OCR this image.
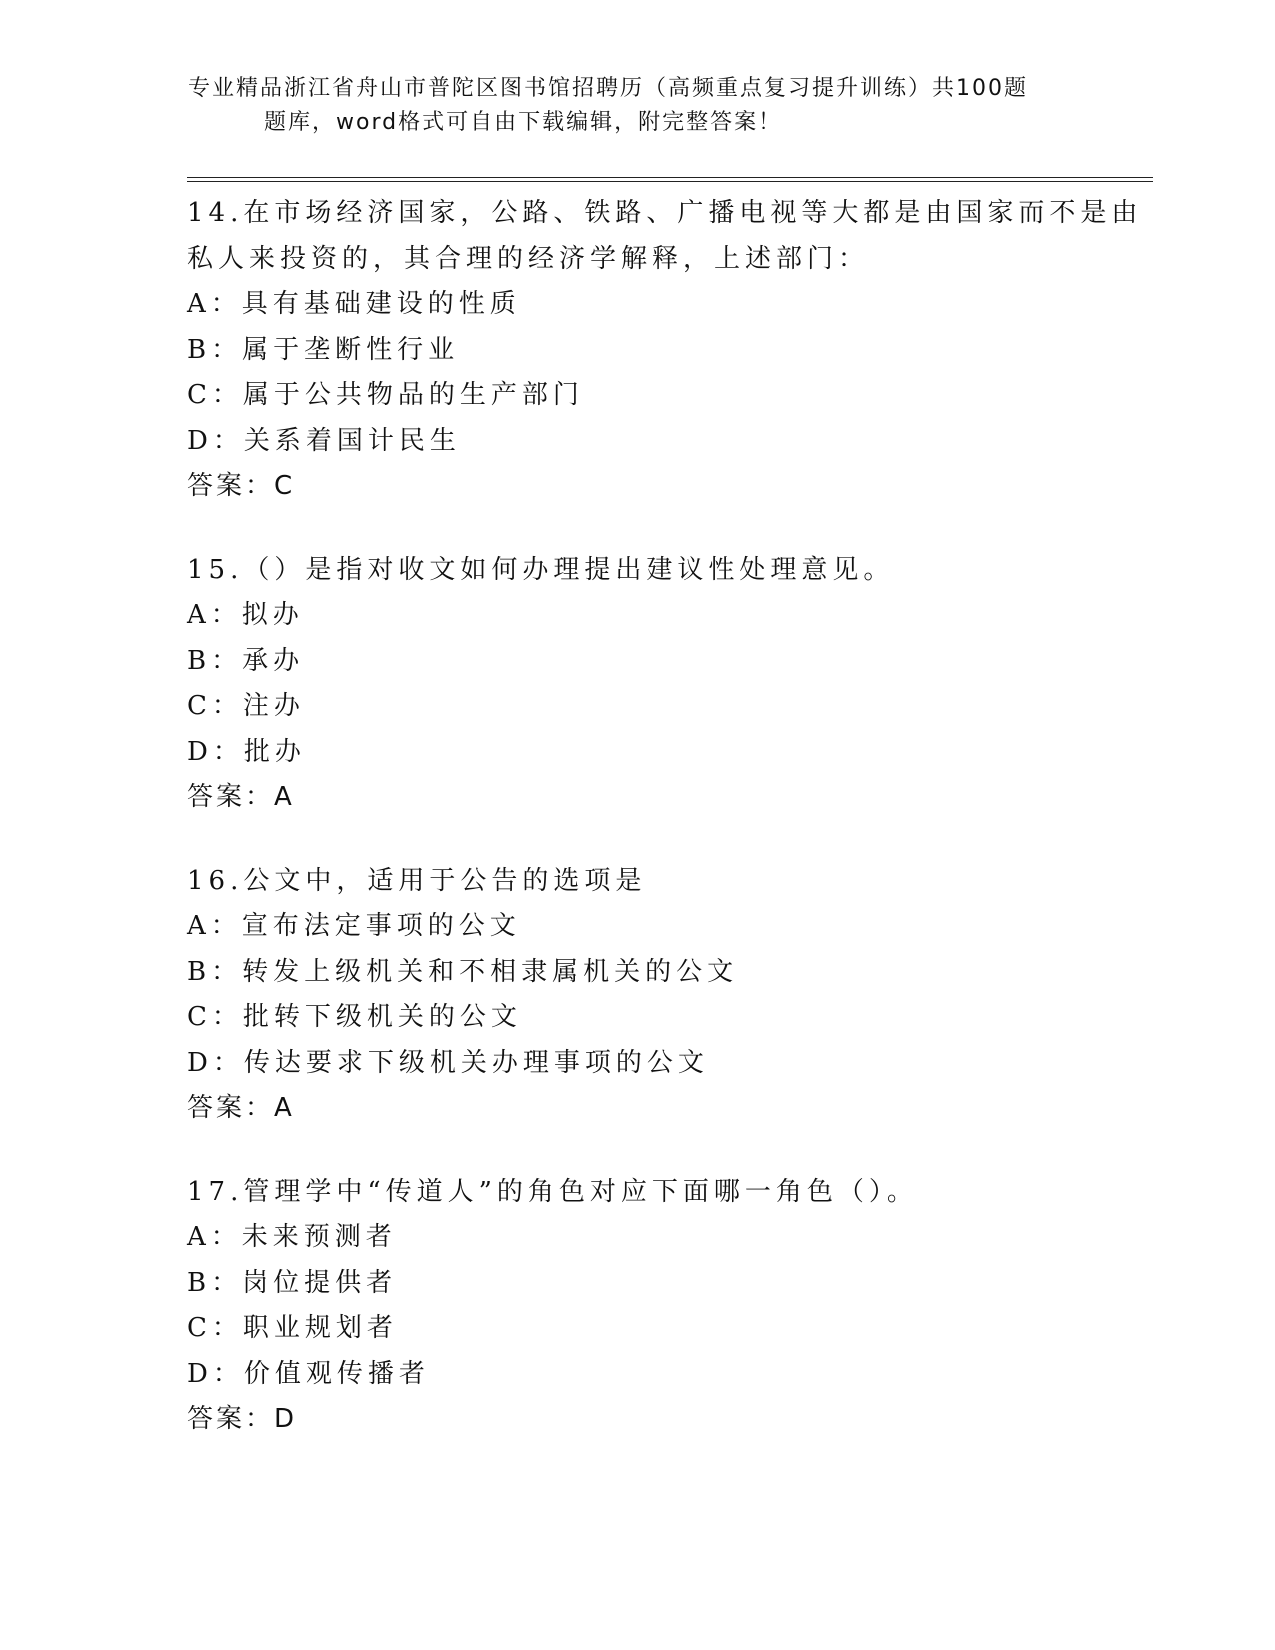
专业精品浙江省舟山市普陀区图书馆招聘历（高频重点复习提升训练）共100题
题库，word格式可自由下载编辑，附完整答案！

14.在市场经济国家，公路、铁路、广播电视等大都是由国家而不是由

私人来投资的，其合理的经济学解释，上述部门：

A：具有基础建设的性质

B：属于垄断性行业

C：属于公共物品的生产部门

D：关系着国计民生

答案：C

15.（）是指对收文如何办理提出建议性处理意见。

A：拟办

B：承办

C：注办

D：批办

答案：A

16.公文中，适用于公告的选项是

A：宣布法定事项的公文

B：转发上级机关和不相隶属机关的公文

C：批转下级机关的公文

D：传达要求下级机关办理事项的公文

答案：A

17.管理学中“传道人”的角色对应下面哪一角色（）。

A：未来预测者

B：岗位提供者

C：职业规划者

D：价值观传播者

答案：D
